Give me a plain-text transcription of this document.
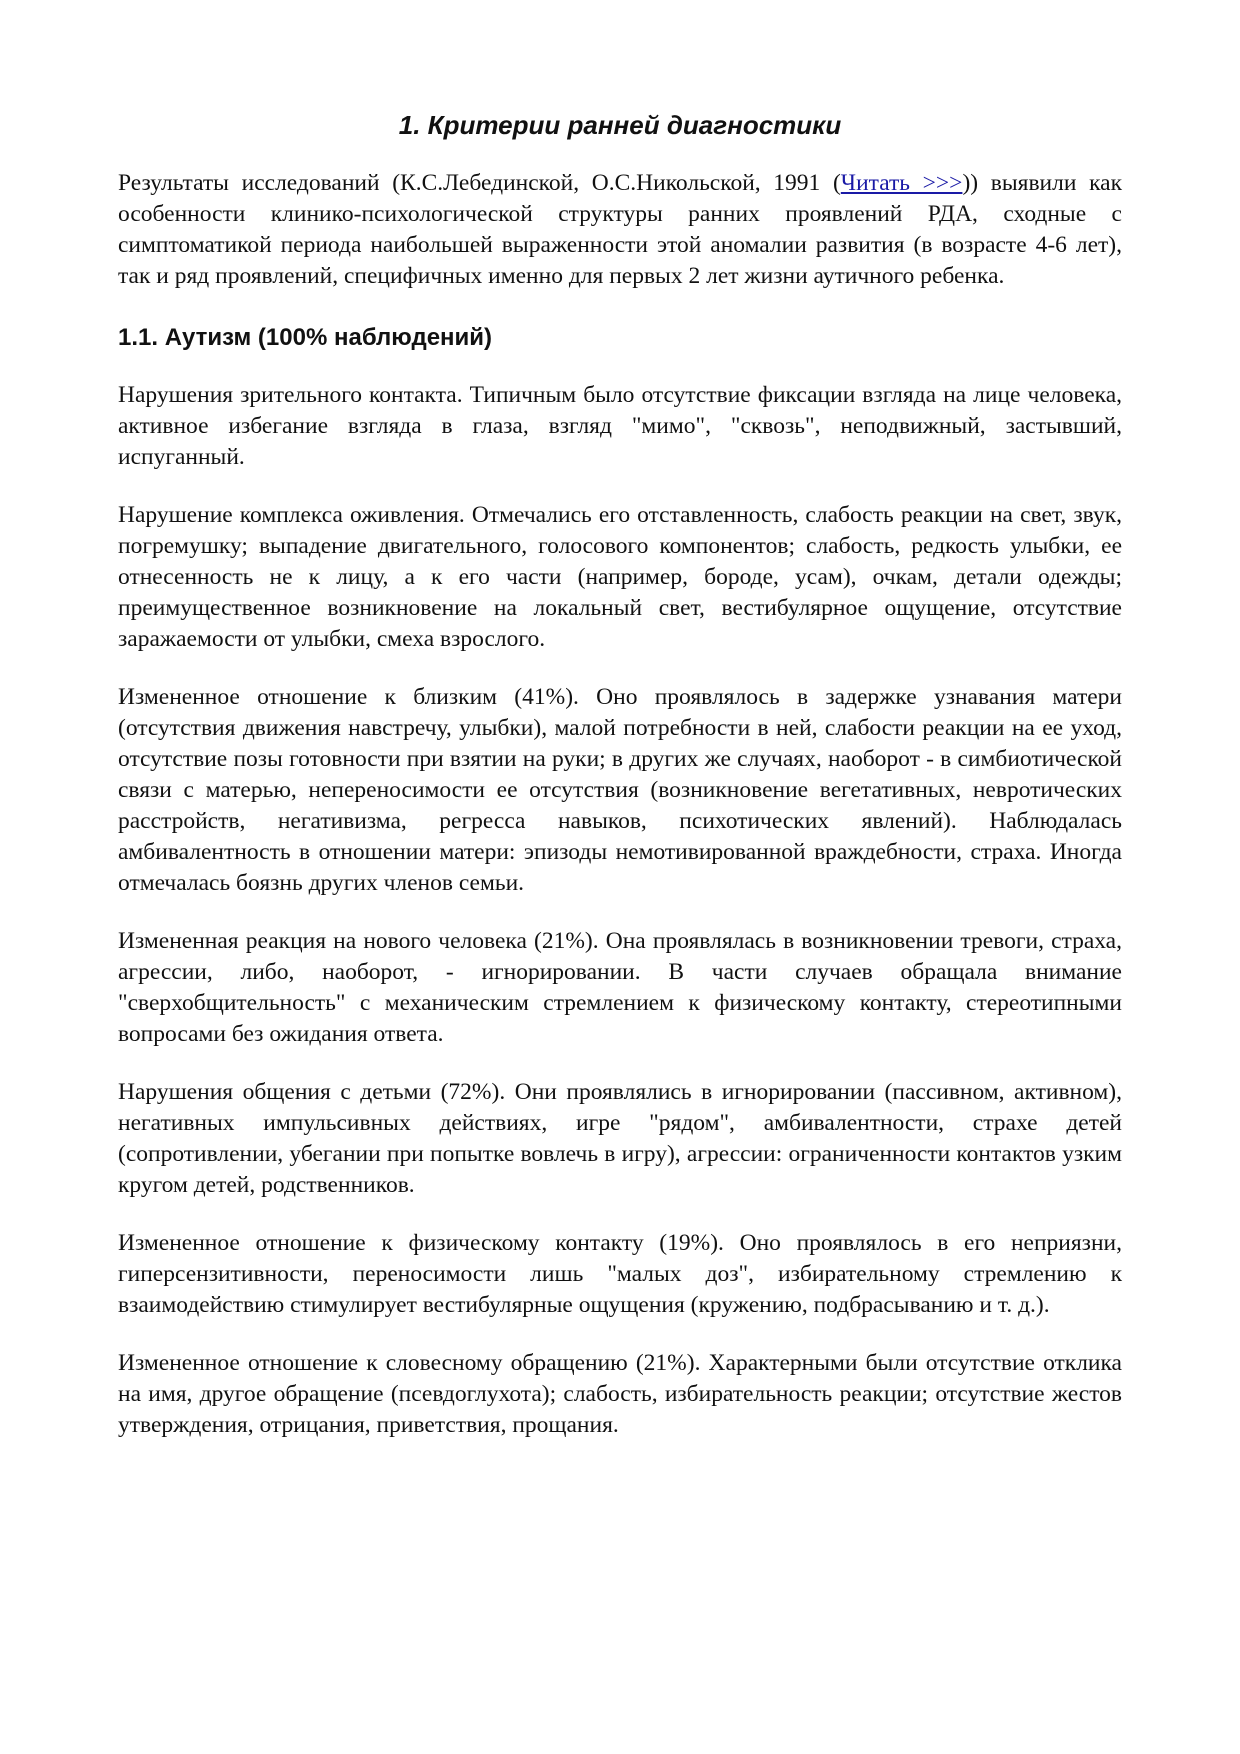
1. Критерии ранней диагностики

Результаты исследований (К.С.Лебединской, О.С.Никольской, 1991 (Читать >>>)) выявили как особенности клинико-психологической структуры ранних проявлений РДА, сходные с симптоматикой периода наибольшей выраженности этой аномалии развития (в возрасте 4-6 лет), так и ряд проявлений, специфичных именно для первых 2 лет жизни аутичного ребенка.

1.1. Аутизм (100% наблюдений)

Нарушения зрительного контакта. Типичным было отсутствие фиксации взгляда на лице человека, активное избегание взгляда в глаза, взгляд "мимо", "сквозь", неподвижный, застывший, испуганный.

Нарушение комплекса оживления. Отмечались его отставленность, слабость реакции на свет, звук, погремушку; выпадение двигательного, голосового компонентов; слабость, редкость улыбки, ее отнесенность не к лицу, а к его части (например, бороде, усам), очкам, детали одежды; преимущественное возникновение на локальный свет, вестибулярное ощущение, отсутствие заражаемости от улыбки, смеха взрослого.

Измененное отношение к близким (41%). Оно проявлялось в задержке узнавания матери (отсутствия движения навстречу, улыбки), малой потребности в ней, слабости реакции на ее уход, отсутствие позы готовности при взятии на руки; в других же случаях, наоборот - в симбиотической связи с матерью, непереносимости ее отсутствия (возникновение вегетативных, невротических расстройств, негативизма, регресса навыков, психотических явлений). Наблюдалась амбивалентность в отношении матери: эпизоды немотивированной враждебности, страха. Иногда отмечалась боязнь других членов семьи.

Измененная реакция на нового человека (21%). Она проявлялась в возникновении тревоги, страха, агрессии, либо, наоборот, - игнорировании. В части случаев обращала внимание "сверхобщительность" с механическим стремлением к физическому контакту, стереотипными вопросами без ожидания ответа.

Нарушения общения с детьми (72%). Они проявлялись в игнорировании (пассивном, активном), негативных импульсивных действиях, игре "рядом", амбивалентности, страхе детей (сопротивлении, убегании при попытке вовлечь в игру), агрессии: ограниченности контактов узким кругом детей, родственников.

Измененное отношение к физическому контакту (19%). Оно проявлялось в его неприязни, гиперсензитивности, переносимости лишь "малых доз", избирательному стремлению к взаимодействию стимулирует вестибулярные ощущения (кружению, подбрасыванию и т. д.).

Измененное отношение к словесному обращению (21%). Характерными были отсутствие отклика на имя, другое обращение (псевдоглухота); слабость, избирательность реакции; отсутствие жестов утверждения, отрицания, приветствия, прощания.
